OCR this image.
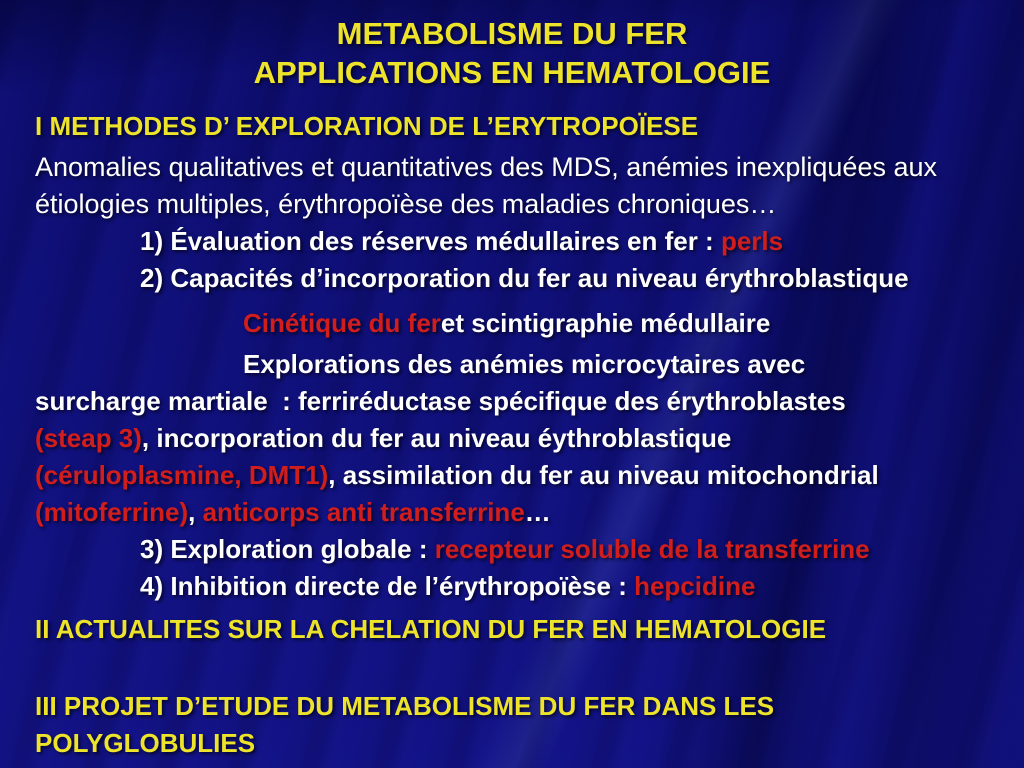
METABOLISME DU FER
APPLICATIONS EN HEMATOLOGIE
I METHODES D’ EXPLORATION DE L’ERYTROPOÏESE
Anomalies qualitatives et quantitatives des MDS, anémies inexpliquées aux
étiologies multiples, érythropoïèse des maladies chroniques…
1) Évaluation des réserves médullaires en fer : perls
2) Capacités d’incorporation du fer au niveau érythroblastique
Cinétique du feret scintigraphie médullaire
Explorations des anémies microcytaires avec
surcharge martiale  : ferriréductase spécifique des érythroblastes
(steap 3), incorporation du fer au niveau éythroblastique
(céruloplasmine, DMT1), assimilation du fer au niveau mitochondrial
(mitoferrine), anticorps anti transferrine…
3) Exploration globale : recepteur soluble de la transferrine
4) Inhibition directe de l’érythropoïèse : hepcidine
II ACTUALITES SUR LA CHELATION DU FER EN HEMATOLOGIE
III PROJET D’ETUDE DU METABOLISME DU FER DANS LES
POLYGLOBULIES
